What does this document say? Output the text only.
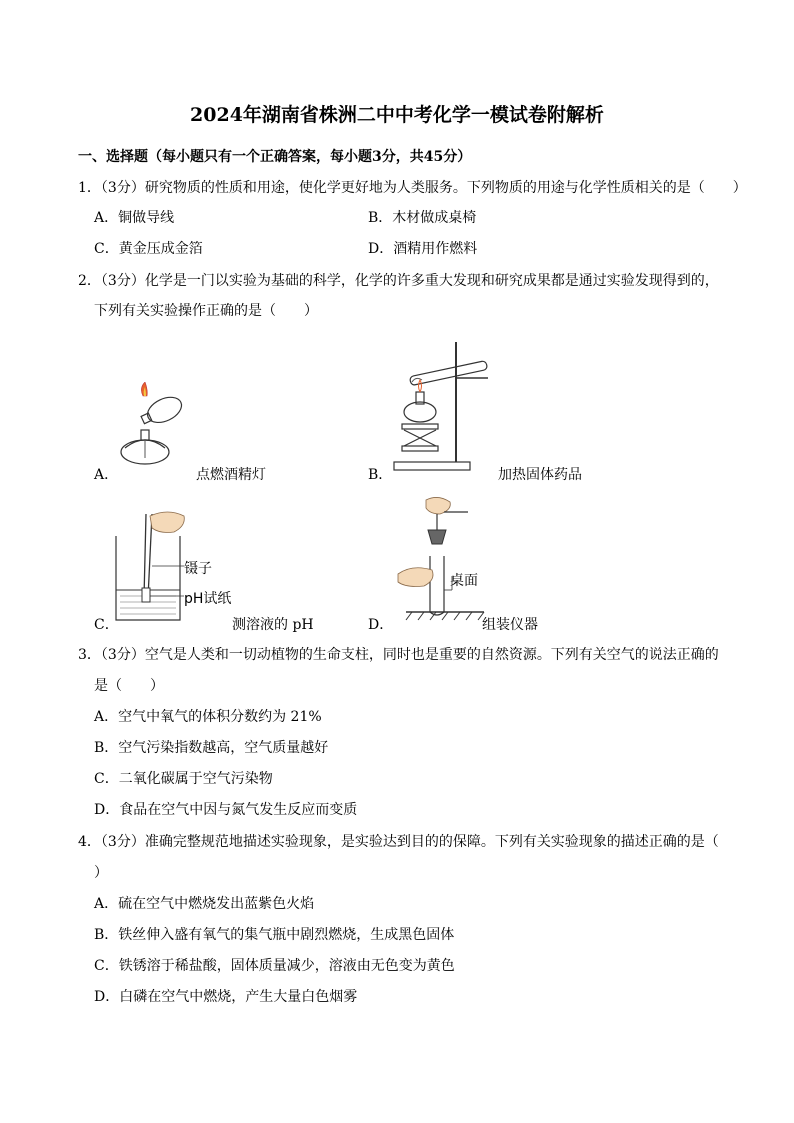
2024年湖南省株洲二中中考化学一模试卷附解析
一、选择题（每小题只有一个正确答案，每小题3分，共45分）
1．（3分）研究物质的性质和用途，使化学更好地为人类服务。下列物质的用途与化学性质相关的是（　　）
A．铜做导线	B．木材做成桌椅
C．黄金压成金箔	D．酒精用作燃料
2．（3分）化学是一门以实验为基础的科学，化学的许多重大发现和研究成果都是通过实验发现得到的，
下列有关实验操作正确的是（　　）
A．	点燃酒精灯	B．	加热固体药品
C．
镊子
pH试纸
测溶液的 pH	D．
桌面
组装仪器
3．（3分）空气是人类和一切动植物的生命支柱，同时也是重要的自然资源。下列有关空气的说法正确的
是（　　）
A．空气中氧气的体积分数约为 21%
B．空气污染指数越高，空气质量越好
C．二氧化碳属于空气污染物
D．食品在空气中因与氮气发生反应而变质
4．（3分）准确完整规范地描述实验现象，是实验达到目的的保障。下列有关实验现象的描述正确的是（
）
A．硫在空气中燃烧发出蓝紫色火焰
B．铁丝伸入盛有氧气的集气瓶中剧烈燃烧，生成黑色固体
C．铁锈溶于稀盐酸，固体质量减少，溶液由无色变为黄色
D．白磷在空气中燃烧，产生大量白色烟雾
